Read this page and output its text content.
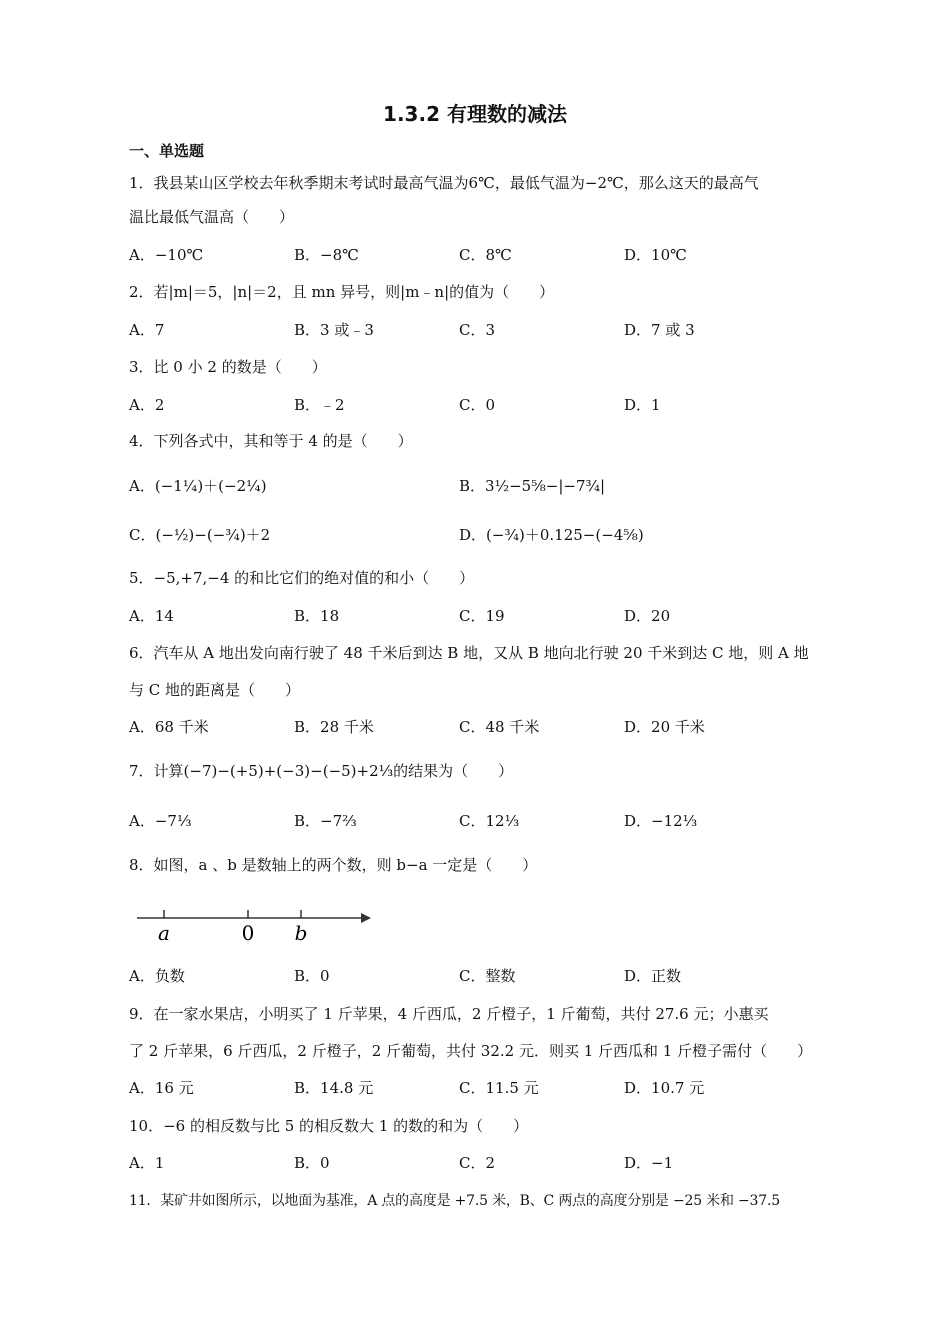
1.3.2 有理数的减法
一、单选题
1．我县某山区学校去年秋季期末考试时最高气温为6℃，最低气温为−2℃，那么这天的最高气
温比最低气温高（　　）
A．−10℃	B．−8℃	C．8℃	D．10℃
2．若|m|＝5，|n|＝2，且 mn 异号，则|m﹣n|的值为（　　）
A．7	B．3 或﹣3	C．3	D．7 或 3
3．比 0 小 2 的数是（　　）
A．2	B．﹣2	C．0	D．1
4．下列各式中，其和等于 4 的是（　　）
A．(−1¼)＋(−2¼)	B．3½−5⅝−|−7¾|
C．(−½)−(−¾)＋2	D．(−¾)＋0.125−(−4⅝)
5．−5,+7,−4 的和比它们的绝对值的和小（　　）
A．14	B．18	C．19	D．20
6．汽车从 A 地出发向南行驶了 48 千米后到达 B 地，又从 B 地向北行驶 20 千米到达 C 地，则 A 地
与 C 地的距离是（　　）
A．68 千米	B．28 千米	C．48 千米	D．20 千米
7．计算(−7)−(+5)+(−3)−(−5)+2⅓的结果为（　　）
A．−7⅓	B．−7⅔	C．12⅓	D．−12⅓
8．如图，a 、b 是数轴上的两个数，则 b−a 一定是（　　）
a	0 b
A．负数	B．0	C．整数	D．正数
9．在一家水果店，小明买了 1 斤苹果，4 斤西瓜，2 斤橙子，1 斤葡萄，共付 27.6 元；小惠买
了 2 斤苹果，6 斤西瓜，2 斤橙子，2 斤葡萄，共付 32.2 元．则买 1 斤西瓜和 1 斤橙子需付（　　）
A．16 元	B．14.8 元	C．11.5 元	D．10.7 元
10．−6 的相反数与比 5 的相反数大 1 的数的和为（　　）
A．1	B．0	C．2	D．−1
11．某矿井如图所示，以地面为基准，A 点的高度是 +7.5 米，B、C 两点的高度分别是 −25 米和 −37.5
